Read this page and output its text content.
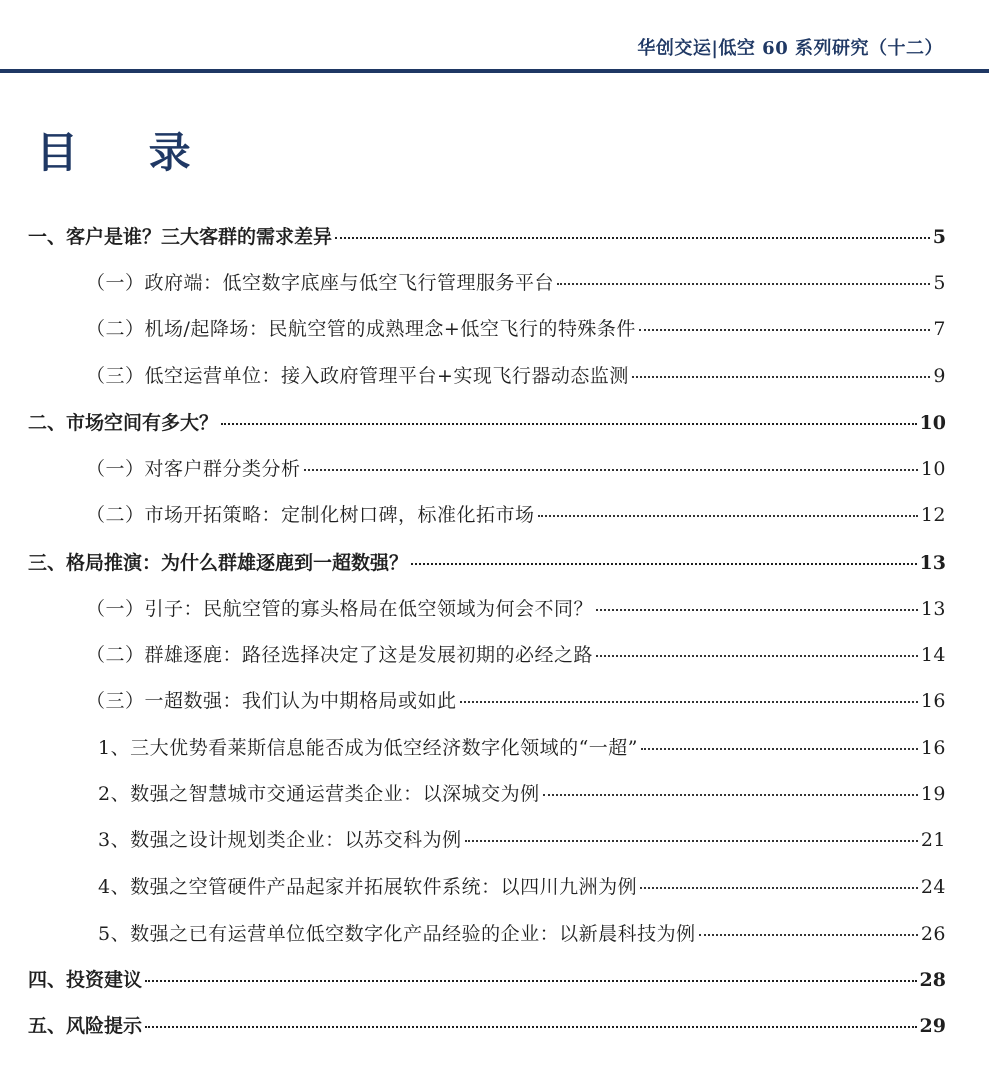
华创交运|低空 60 系列研究（十二）
目 录
一、客户是谁？三大客群的需求差异	5
（一）政府端：低空数字底座与低空飞行管理服务平台	5
（二）机场/起降场：民航空管的成熟理念+低空飞行的特殊条件	7
（三）低空运营单位：接入政府管理平台+实现飞行器动态监测	9
二、市场空间有多大？	10
（一）对客户群分类分析	10
（二）市场开拓策略：定制化树口碑，标准化拓市场	12
三、格局推演：为什么群雄逐鹿到一超数强？	13
（一）引子：民航空管的寡头格局在低空领域为何会不同？	13
（二）群雄逐鹿：路径选择决定了这是发展初期的必经之路	14
（三）一超数强：我们认为中期格局或如此	16
1、三大优势看莱斯信息能否成为低空经济数字化领域的“一超”	16
2、数强之智慧城市交通运营类企业：以深城交为例	19
3、数强之设计规划类企业：以苏交科为例	21
4、数强之空管硬件产品起家并拓展软件系统：以四川九洲为例	24
5、数强之已有运营单位低空数字化产品经验的企业：以新晨科技为例	26
四、投资建议	28
五、风险提示	29
